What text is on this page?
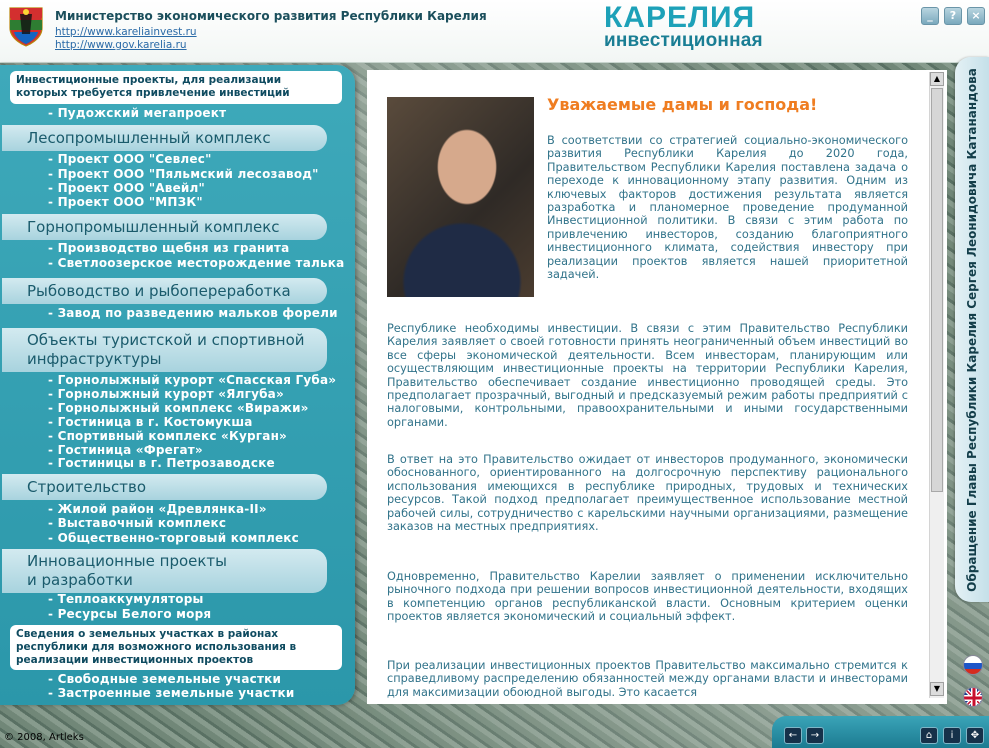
Министерство экономического развития Республики Карелия
http://www.kareliainvest.ru
http://www.gov.karelia.ru
КАРЕЛИЯ
инвестиционная
_	?	×
Инвестиционные проекты, для реализации которых требуется привлечение инвестиций
- Пудожский мегапроект
Лесопромышленный комплекс
- Проект ООО "Севлес"
- Проект ООО "Пяльмский лесозавод"
- Проект ООО "Авейл"
- Проект ООО "МПЗК"
Горнопромышленный комплекс
- Производство щебня из гранита
- Светлоозерское месторождение талька
Рыбоводство и рыбопереработка
- Завод по разведению мальков форели
Объекты туристской и спортивной
инфраструктуры
- Горнолыжный курорт «Спасская Губа»
- Горнолыжный курорт «Ялгуба»
- Горнолыжный комплекс «Виражи»
- Гостиница в г. Костомукша
- Спортивный комплекс «Курган»
- Гостиница «Фрегат»
- Гостиницы в г. Петрозаводске
Строительство
- Жилой район «Древлянка-II»
- Выставочный комплекс
- Общественно-торговый комплекс
Инновационные проекты
и разработки
- Теплоаккумуляторы
- Ресурсы Белого моря
Сведения о земельных участках в районах республики для возможного использования в реализации инвестиционных проектов
- Свободные земельные участки
- Застроенные земельные участки
Уважаемые дамы и господа!
В соответствии со стратегией социально-экономического развития Республики Карелия до 2020 года, Правительством Республики Карелия поставлена задача о переходе к инновационному этапу развития. Одним из ключевых факторов достижения результата является разработка и планомерное проведение продуманной Инвестиционной политики. В связи с этим работа по привлечению инвесторов, созданию благоприятного инвестиционного климата, содействия инвестору при реализации проектов является нашей приоритетной задачей.
Республике необходимы инвестиции. В связи с этим Правительство Республики Карелия заявляет о своей готовности принять неограниченный объем инвестиций во все сферы экономической деятельности. Всем инвесторам, планирующим или осуществляющим инвестиционные проекты на территории Республики Карелия, Правительство обеспечивает создание инвестиционно проводящей среды. Это предполагает прозрачный, выгодный и предсказуемый режим работы предприятий с налоговыми, контрольными, правоохранительными и иными государственными органами.
В ответ на это Правительство ожидает от инвесторов продуманного, экономически обоснованного, ориентированного на долгосрочную перспективу рационального использования имеющихся в республике природных, трудовых и технических ресурсов. Такой подход предполагает преимущественное использование местной рабочей силы, сотрудничество с карельскими научными организациями, размещение заказов на местных предприятиях.
Одновременно, Правительство Карелии заявляет о применении исключительно рыночного подхода при решении вопросов инвестиционной деятельности, входящих в компетенцию органов республиканской власти. Основным критерием оценки проектов является экономический и социальный эффект.
При реализации инвестиционных проектов Правительство максимально стремится к справедливому распределению обязанностей между органами власти и инвесторами для максимизации обоюдной выгоды. Это касается
▲
▼
Обращение Главы Республики Карелия Сергея Леонидовича Катанандова
© 2008, Artleks	←	→	⌂	i	✥
